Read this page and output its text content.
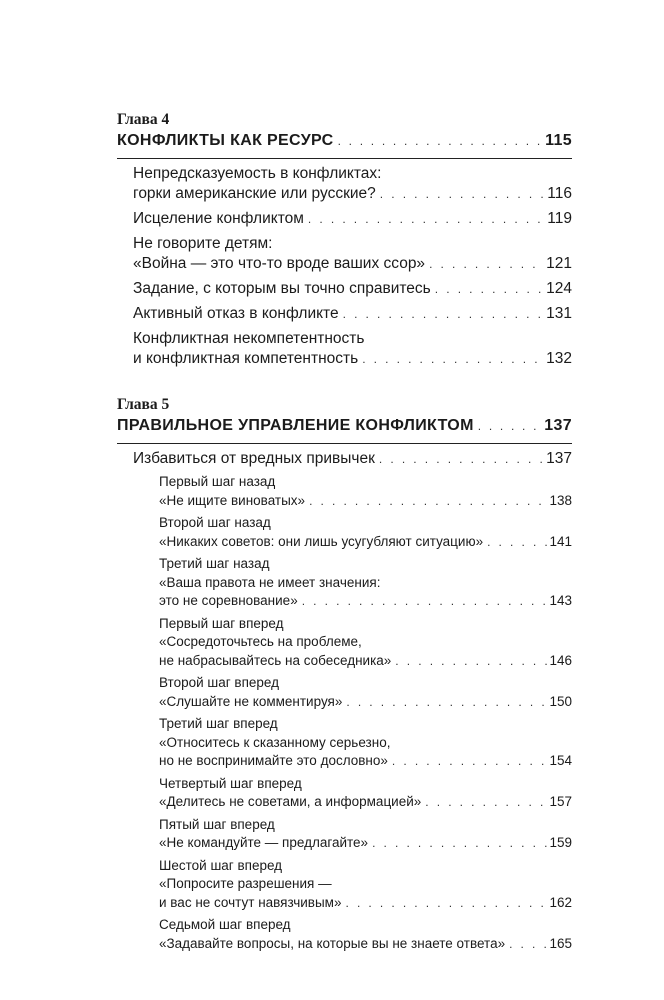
Глава 4
КОНФЛИКТЫ КАК РЕСУРС . . .	115
Непредсказуемость в конфликтах:
горки американские или русские? . . .	116
Исцеление конфликтом . . .	119
Не говорите детям:
«Война — это что-то вроде ваших ссор» . . .	121
Задание, с которым вы точно справитесь . . .	124
Активный отказ в конфликте . . .	131
Конфликтная некомпетентность
и конфликтная компетентность . . .	132
Глава 5
ПРАВИЛЬНОЕ УПРАВЛЕНИЕ КОНФЛИКТОМ . . .	137
Избавиться от вредных привычек . . .	137
Первый шаг назад
«Не ищите виноватых» . . .	138
Второй шаг назад
«Никаких советов: они лишь усугубляют ситуацию» . . .	141
Третий шаг назад
«Ваша правота не имеет значения:
это не соревнование» . . .	143
Первый шаг вперед
«Сосредоточьтесь на проблеме,
не набрасывайтесь на собеседника» . . .	146
Второй шаг вперед
«Слушайте не комментируя» . . .	150
Третий шаг вперед
«Относитесь к сказанному серьезно,
но не воспринимайте это дословно» . . .	154
Четвертый шаг вперед
«Делитесь не советами, а информацией» . . .	157
Пятый шаг вперед
«Не командуйте — предлагайте» . . .	159
Шестой шаг вперед
«Попросите разрешения —
и вас не сочтут навязчивым» . . .	162
Седьмой шаг вперед
«Задавайте вопросы, на которые вы не знаете ответа» . . .	165
